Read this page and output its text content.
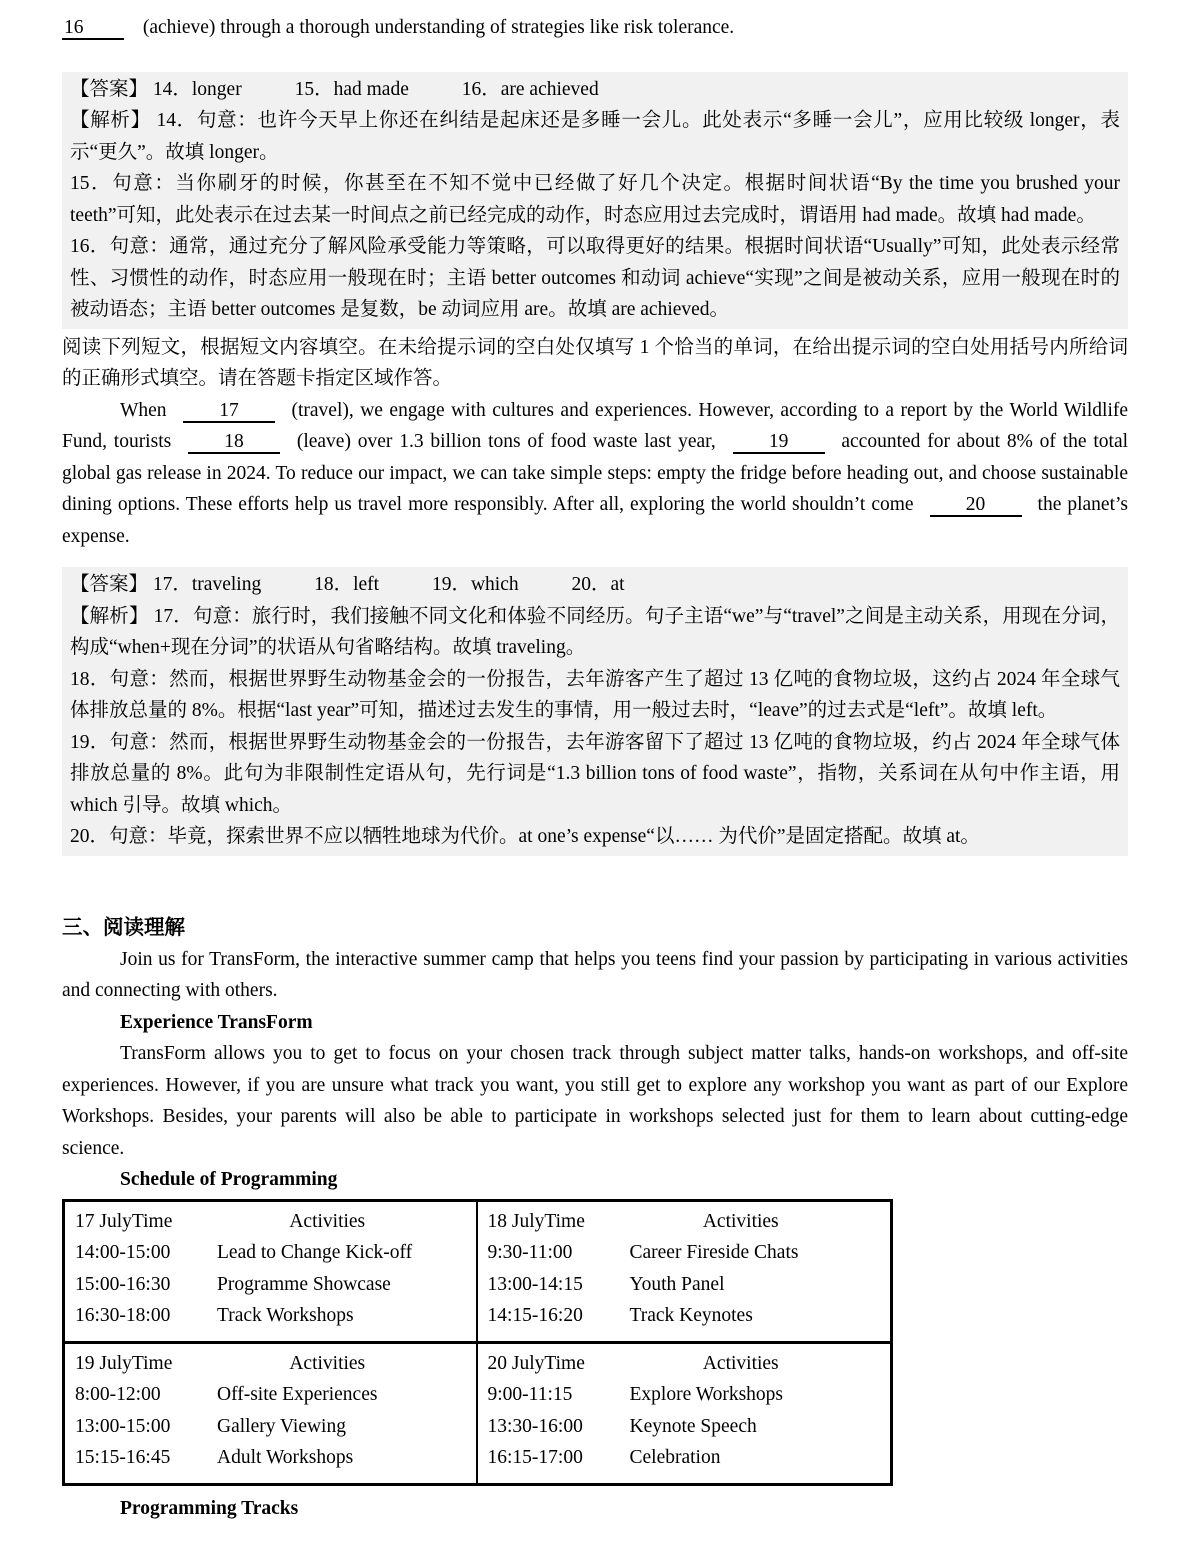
16	(achieve) through a thorough understanding of strategies like risk tolerance.

【答案】 14．longer	15．had made	16．are achieved

【解析】 14．句意：也许今天早上你还在纠结是起床还是多睡一会儿。此处表示“多睡一会儿”，应用比较级 longer，表示“更久”。故填 longer。

15．句意：当你刷牙的时候，你甚至在不知不觉中已经做了好几个决定。根据时间状语“By the time you brushed your teeth”可知，此处表示在过去某一时间点之前已经完成的动作，时态应用过去完成时，谓语用 had made。故填 had made。

16．句意：通常，通过充分了解风险承受能力等策略，可以取得更好的结果。根据时间状语“Usually”可知，此处表示经常性、习惯性的动作，时态应用一般现在时；主语 better outcomes 和动词 achieve“实现”之间是被动关系，应用一般现在时的被动语态；主语 better outcomes 是复数，be 动词应用 are。故填 are achieved。

阅读下列短文，根据短文内容填空。在未给提示词的空白处仅填写 1 个恰当的单词，在给出提示词的空白处用括号内所给词的正确形式填空。请在答题卡指定区域作答。

When	17	(travel), we engage with cultures and experiences. However, according to a report by the World Wildlife Fund, tourists	18	(leave) over 1.3 billion tons of food waste last year,	19	accounted for about 8% of the total global gas release in 2024. To reduce our impact, we can take simple steps: empty the fridge before heading out, and choose sustainable dining options. These efforts help us travel more responsibly. After all, exploring the world shouldn’t come	20	the planet’s expense.

【答案】 17．traveling	18．left	19．which	20．at

【解析】 17．句意：旅行时，我们接触不同文化和体验不同经历。句子主语“we”与“travel”之间是主动关系，用现在分词，构成“when+现在分词”的状语从句省略结构。故填 traveling。

18．句意：然而，根据世界野生动物基金会的一份报告，去年游客产生了超过 13 亿吨的食物垃圾，这约占 2024 年全球气体排放总量的 8%。根据“last year”可知，描述过去发生的事情，用一般过去时，“leave”的过去式是“left”。故填 left。

19．句意：然而，根据世界野生动物基金会的一份报告，去年游客留下了超过 13 亿吨的食物垃圾，约占 2024 年全球气体排放总量的 8%。此句为非限制性定语从句，先行词是“1.3 billion tons of food waste”，指物，关系词在从句中作主语，用 which 引导。故填 which。

20．句意：毕竟，探索世界不应以牺牲地球为代价。at one’s expense“以…… 为代价”是固定搭配。故填 at。

三、阅读理解

Join us for TransForm, the interactive summer camp that helps you teens find your passion by participating in various activities and connecting with others.

Experience TransForm

TransForm allows you to get to focus on your chosen track through subject matter talks, hands-on workshops, and off-site experiences. However, if you are unsure what track you want, you still get to explore any workshop you want as part of our Explore Workshops. Besides, your parents will also be able to participate in workshops selected just for them to learn about cutting-edge science.

Schedule of Programming

17 JulyTime	Activities
14:00-15:00	Lead to Change Kick-off
15:00-16:30	Programme Showcase
16:30-18:00	Track Workshops
18 JulyTime	Activities
9:30-11:00	Career Fireside Chats
13:00-14:15	Youth Panel
14:15-16:20	Track Keynotes
19 JulyTime	Activities
8:00-12:00	Off-site Experiences
13:00-15:00	Gallery Viewing
15:15-16:45	Adult Workshops
20 JulyTime	Activities
9:00-11:15	Explore Workshops
13:30-16:00	Keynote Speech
16:15-17:00	Celebration

Programming Tracks
